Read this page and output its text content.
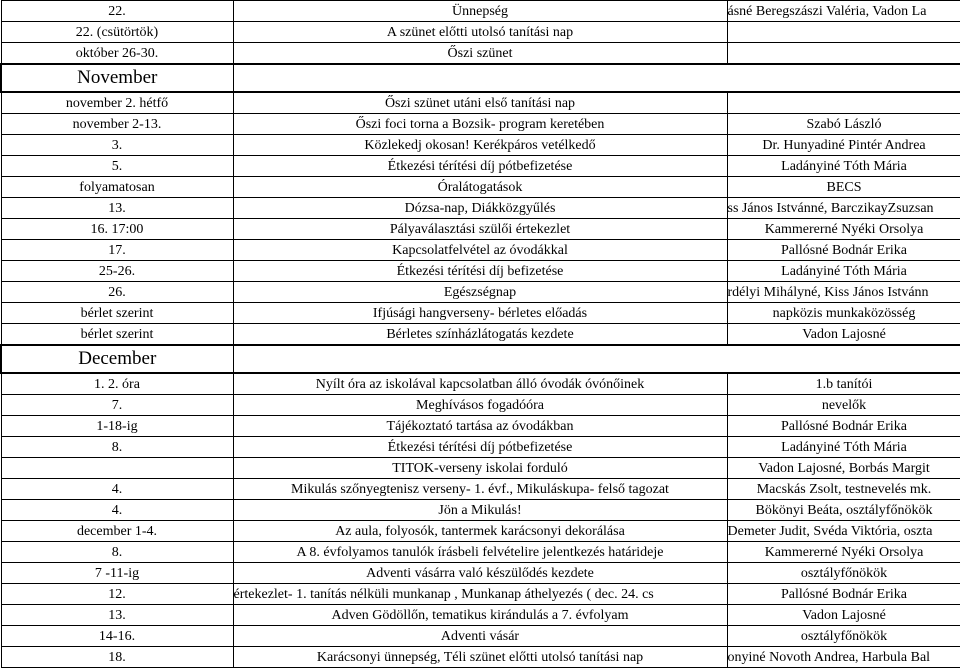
22.	Ünnepség	ásné Beregszászi Valéria, Vadon La
22. (csütörtök)	A szünet előtti utolsó tanítási nap	
október 26-30.	Őszi szünet	
November		
november 2. hétfő	Őszi szünet utáni első tanítási nap	
november 2-13.	Őszi foci torna a Bozsik- program keretében	Szabó László
3.	Közlekedj okosan! Kerékpáros vetélkedő	Dr. Hunyadiné Pintér Andrea
5.	Étkezési térítési díj pótbefizetése	Ladányiné Tóth Mária
folyamatosan	Óralátogatások	BECS
13.	Dózsa-nap, Diákközgyűlés	ss János Istvánné, BarczikayZsuzsan
16. 17:00	Pályaválasztási szülői értekezlet	Kammererné Nyéki Orsolya
17.	Kapcsolatfelvétel az óvodákkal	Pallósné Bodnár Erika
25-26.	Étkezési térítési díj befizetése	Ladányiné Tóth Mária
26.	Egészségnap	rdélyi Mihályné, Kiss János Istvánn
bérlet szerint	Ifjúsági hangverseny- bérletes előadás	napközis munkaközösség
bérlet szerint	Bérletes színházlátogatás kezdete	Vadon Lajosné
December		
1. 2. óra	Nyílt óra az iskolával kapcsolatban álló óvodák óvónőinek	1.b tanítói
7.	Meghívásos fogadóóra	nevelők
1-18-ig	Tájékoztató tartása az óvodákban	Pallósné Bodnár Erika
8.	Étkezési térítési díj pótbefizetése	Ladányiné Tóth Mária
	TITOK-verseny iskolai forduló	Vadon Lajosné, Borbás Margit
4.	Mikulás szőnyegtenisz verseny- 1. évf., Mikuláskupa- felső tagozat	Macskás Zsolt, testnevelés mk.
4.	Jön a Mikulás!	Bökönyi Beáta, osztályfőnökök
december 1-4.	Az aula, folyosók, tantermek karácsonyi dekorálása	Demeter Judit, Svéda Viktória, oszta
8.	A 8. évfolyamos tanulók írásbeli felvételire jelentkezés határideje	Kammererné Nyéki Orsolya
7 -11-ig	Adventi vásárra való készülődés kezdete	osztályfőnökök
12.	értekezlet- 1. tanítás nélküli munkanap , Munkanap áthelyezés ( dec. 24. cs	Pallósné Bodnár Erika
13.	Adven Gödöllőn, tematikus kirándulás a 7. évfolyam	Vadon Lajosné
14-16.	Adventi vásár	osztályfőnökök
18.	Karácsonyi ünnepség, Téli szünet előtti utolsó tanítási nap	onyiné Novoth Andrea, Harbula Bal
